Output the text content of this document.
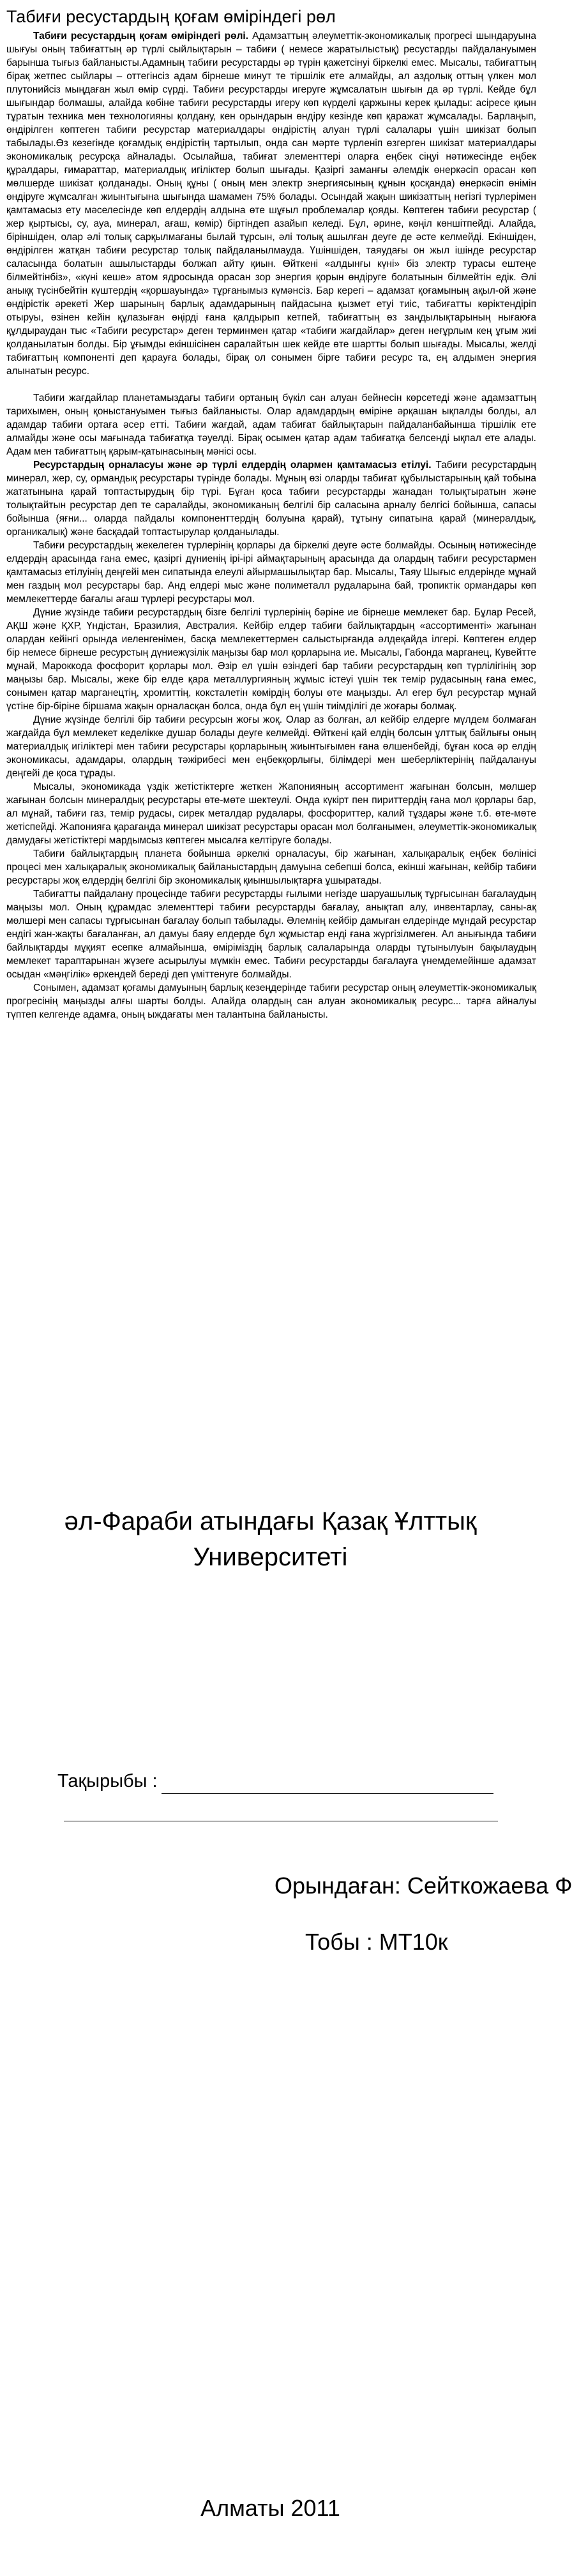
Табиғи ресустардың қоғам өміріндегі рөл

Табиғи ресустардың қоғам өміріндегі рөлі. Адамзаттың әлеуметтік-экономикалық прогресі шындаруына шығуы оның табиғаттың әр түрлі сыйлықтарын – табиғи ( немесе жаратылыстық) ресустарды пайдалануымен барынша тығыз байланысты.Адамның табиғи ресурстарды әр түрін қажетсінуі біркелкі емес. Мысалы, табиғаттың бірақ жетпес сыйлары – оттегінсіз адам бірнеше минут те тіршілік ете алмайды, ал аздолық оттың үлкен мол плутонийсіз мыңдаған жыл өмір сүрді. Табиғи ресурстарды игеруге жұмсалатын шығын да әр түрлі. Кейде бұл шығындар болмашы, алайда көбіне табиғи ресурстарды игеру көп күрделі қаржыны керек қылады: асіресе қиын тұратын техника мен технологияны қолдану, кен орындарын өндіру кезінде көп қаражат жұмсалады. Барлаңып, өндірілген көптеген табиғи ресурстар материалдары өндірістің алуан түрлі салалары үшін шикізат болып табылады.Өз кезегінде қоғамдық өндірістің тартылып, онда сан мәрте түрленіп өзгерген шикізат материалдары экономикалық ресурсқа айналады. Осылайша, табиғат элементтері оларға еңбек сіңуі нәтижесінде еңбек құралдары, ғимараттар, материалдық игіліктер болып шығады. Қазіргі заманғы әлемдік өнеркәсіп орасан көп мөлшерде шикізат қолданады. Оның құны ( оның мен электр энергиясының құнын қосқанда) өнеркәсіп өнімін өндіруге жұмсалған жиынтығына шығында шамамен 75% болады. Осындай жақын шикізаттың негізгі түрлерімен қамтамасыз ету мәселесінде көп елдердің алдына өте шұғыл проблемалар қояды. Көптеген табиғи ресурстар ( жер қыртысы, су, ауа, минерал, ағаш, көмір) біртіндеп азайып келеді. Бұл, әрине, көңіл көншітпейді. Алайда, біріншіден, олар әлі толық сарқылмағаны былай тұрсын, әлі толық ашылған деуге де әсте келмейді. Екіншіден, өндірілген жатқан табиғи ресурстар толық пайдаланылмауда. Үшіншіден, таяудағы он жыл ішінде ресурстар саласында болатын ашылыстарды болжап айту қиын. Өйткені «алдынғы күні» біз электр турасы ештеңе білмейтінбіз», «күні кеше» атом ядросында орасан зор энергия қорын өндіруге болатынын білмейтін едік. Әлі аныққ түсінбейтін күштердің «қоршауында» тұрғанымыз күмәнсіз. Бар керегі – адамзат қоғамының ақыл-ой және өндірістік әрекеті Жер шарының барлық адамдарының пайдасына қызмет етуі тиіс, табиғатты көріктендіріп отыруы, өзінен кейін құлазыған өңірді ғана қалдырып кетпей, табиғаттың өз заңдылықтарының нығаюға құлдыраудан тыс «Табиғи ресурстар» деген терминмен қатар «табиғи жағдайлар» деген неғұрлым кең ұғым жиі қолданылатын болды. Бір ұғымды екіншісінен саралайтын шек кейде өте шартты болып шығады. Мысалы, желді табиғаттың компоненті деп қарауға болады, бірақ ол сонымен бірге табиғи ресурс та, ең алдымен энергия алынатын ресурс.

Табиғи жағдайлар планетамыздағы табиғи ортаның бүкіл сан алуан бейнесін көрсетеді және адамзаттың тарихымен, оның қоныстануымен тығыз байланысты. Олар адамдардың өміріне әрқашан ықпалды болды, ал адамдар табиғи ортаға әсер етті. Табиғи жағдай, адам табиғат байлықтарын пайдаланбайынша тіршілік ете алмайды және осы мағынада табиғатқа тәуелді. Бірақ осымен қатар адам табиғатқа белсенді ықпал ете алады. Адам мен табиғаттың қарым-қатынасының мәнісі осы.

Ресурстардың орналасуы және әр түрлі елдердің олармен қамтамасыз етілуі. Табиғи ресурстардың минерал, жер, су, ормандық ресурстары түрінде болады. Мұның өзі оларды табиғат құбылыстарының қай тобына жататынына қарай топтастырудың бір түрі. Бұған қоса табиғи ресурстарды жанадан толықтыратын және толықтайтын ресурстар деп те саралайды, экономиканың белгілі бір саласына арналу белгісі бойынша, сапасы бойынша (яғни... оларда пайдалы компоненттердің болуына қарай), тұтыну сипатына қарай (минералдық, органикалық) және басқадай топтастырулар қолданылады.

Табиғи ресурстардың жекелеген түрлерінің қорлары да біркелкі деуге әсте болмайды. Осының нәтижесінде елдердің арасында ғана емес, қазіргі дүниенің ірі-ірі аймақтарының арасында да олардың табиғи ресурстармен қамтамасыз етілуінің деңгейі мен сипатында елеулі айырмашылықтар бар. Мысалы, Таяу Шығыс елдерінде мұнай мен газдың мол ресурстары бар. Анд елдері мыс және полиметалл рудаларына бай, тропиктік ормандары көп мемлекеттерде бағалы ағаш түрлері ресурстары мол.

Дүние жүзінде табиғи ресурстардың бізге белгілі түрлерінің бәріне ие бірнеше мемлекет бар. Бұлар Ресей, АҚШ және ҚХР, Үндістан, Бразилия, Австралия. Кейбір елдер табиғи байлықтардың «ассортименті» жағынан олардан кейінгі орында иеленгенімен, басқа мемлекеттермен салыстырғанда әлдеқайда ілгері. Көптеген елдер бір немесе бірнеше ресурстың дүниежүзілік маңызы бар мол қорларына ие. Мысалы, Габонда марганец, Кувейтте мұнай, Мароккода фосфорит қорлары мол. Әзір ел үшін өзіндегі бар табиғи ресурстардың көп түрлілігінің зор маңызы бар. Мысалы, жеке бір елде қара металлургияның жұмыс істеуі үшін тек темір рудасының ғана емес, сонымен қатар марганецтің, хромиттің, коксталетін көмірдің болуы өте маңызды. Ал егер бұл ресурстар мұнай үстіне бір-біріне біршама жақын орналасқан болса, онда бұл ең үшін тиімділігі де жоғары болмақ.

Дүние жүзінде белгілі бір табиғи ресурсын жоғы жоқ. Олар аз болған, ал кейбір елдерге мүлдем болмаған жағдайда бұл мемлекет кеделікке душар болады деуге келмейді. Өйткені қай елдің болсын ұлттық байлығы оның материалдық игіліктері мен табиғи ресурстары қорларының жиынтығымен ғана өлшенбейді, бұған коса әр елдің экономикасы, адамдары, олардың тәжірибесі мен еңбекқорлығы, білімдері мен шеберліктерінің пайдалануы деңгейі де қоса тұрады.

Мысалы, экономикада үздік жетістіктерге жеткен Жапонияның ассортимент жағынан болсын, мөлшер жағынан болсын минералдық ресурстары өте-мөте шектеулі. Онда күкірт пен пириттердің ғана мол қорлары бар, ал мұнай, табиғи газ, темір рудасы, сирек металдар рудалары, фосфориттер, калий тұздары және т.б. өте-мөте жетіспейді. Жапонияға қарағанда минерал шикізат ресурстары орасан мол болғанымен, әлеуметтік-экономикалық дамудағы жетістіктері мардымсыз көптеген мысалға келтіруге болады.

Табиғи байлықтардың планета бойынша әркелкі орналасуы, бір жағынан, халықаралық еңбек бөлінісі процесі мен халықаралық экономикалық байланыстардың дамуына себепші болса, екінші жағынан, кейбір табиғи ресурстары жоқ елдердің белгілі бір экономикалық қиыншылықтарға ұшыратады.

Табиғатты пайдалану процесінде табиғи ресурстарды ғылыми негізде шаруашылық тұрғысынан бағалаудың маңызы мол. Оның құрамдас элементтері табиғи ресурстарды бағалау, анықтап алу, инвентарлау, саны-ақ мөлшері мен сапасы тұрғысынан бағалау болып табылады. Әлемнің кейбір дамыған елдерінде мұндай ресурстар ендігі жан-жақты бағаланған, ал дамуы баяу елдерде бұл жұмыстар енді ғана жүргізілмеген. Ал анығында табиғи байлықтарды мұқият есепке алмайынша, өміріміздің барлық салаларында оларды тұтынылуын бақылаудың мемлекет тараптарынан жүзеге асырылуы мүмкін емес. Табиғи ресурстарды бағалауға үнемдемейінше адамзат осыдан «мәңгілік» өркендей береді деп үміттенуге болмайды.

Сонымен, адамзат қоғамы дамуының барлық кезеңдерінде табиғи ресурстар оның әлеуметтік-экономикалық прогресінің маңызды алғы шарты болды. Алайда олардың сан алуан экономикалық ресурс... тарға айналуы түптеп келгенде адамға, оның ыждағаты мен талантына байланысты.

әл-Фараби атындағы Қазақ Ұлттық
Университеті
Тақырыбы :
Орындаған: Сейткожаева Ф
Тобы : МТ10к
Алматы 2011
